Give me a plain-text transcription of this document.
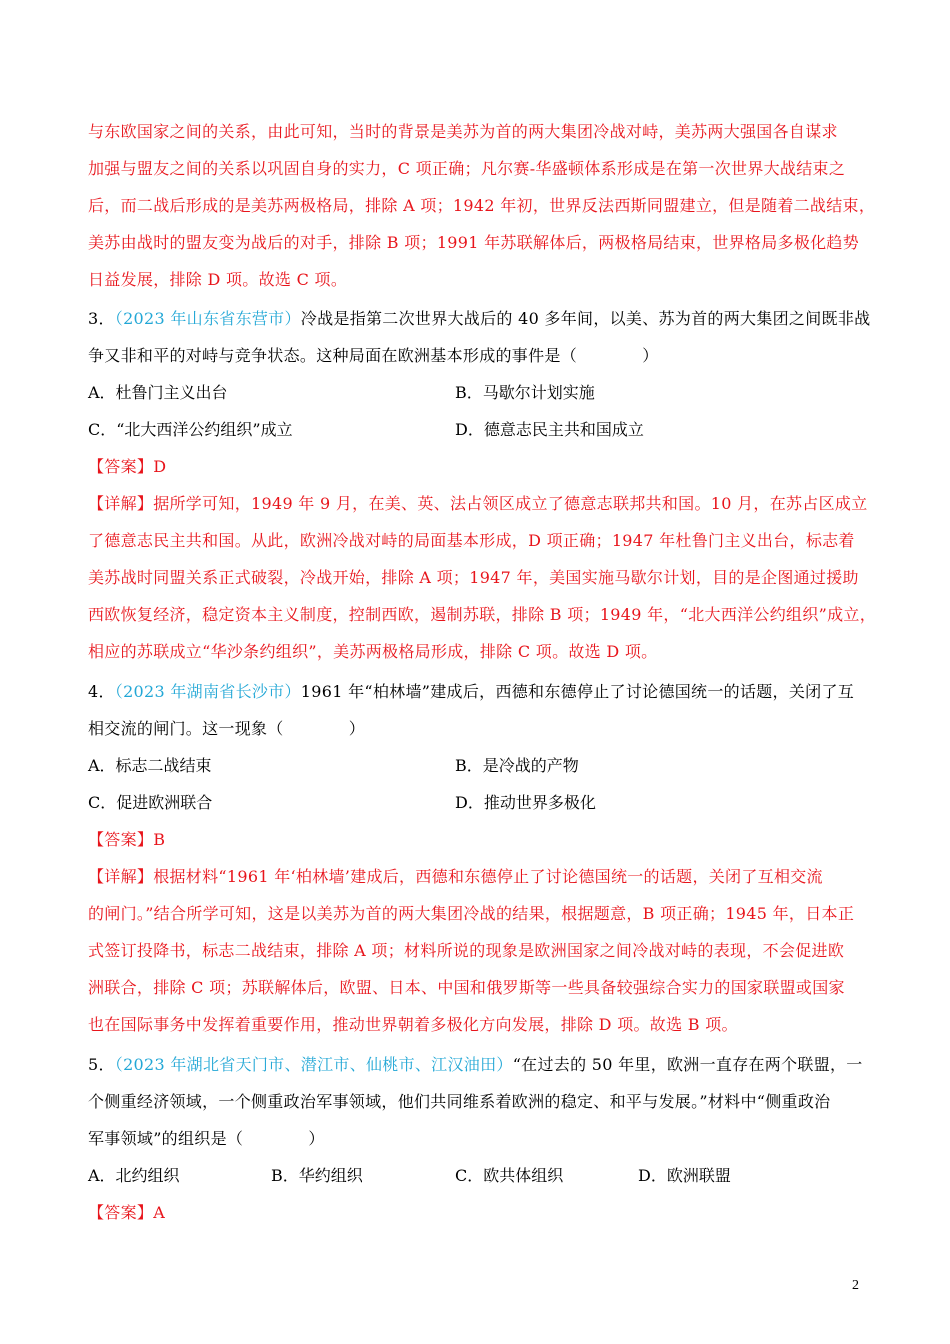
与东欧国家之间的关系，由此可知，当时的背景是美苏为首的两大集团冷战对峙，美苏两大强国各自谋求
加强与盟友之间的关系以巩固自身的实力，C 项正确；凡尔赛-华盛顿体系形成是在第一次世界大战结束之
后，而二战后形成的是美苏两极格局，排除 A 项；1942 年初，世界反法西斯同盟建立，但是随着二战结束，
美苏由战时的盟友变为战后的对手，排除 B 项；1991 年苏联解体后，两极格局结束，世界格局多极化趋势
日益发展，排除 D 项。故选 C 项。
3．（2023 年山东省东营市）冷战是指第二次世界大战后的 40 多年间，以美、苏为首的两大集团之间既非战
争又非和平的对峙与竞争状态。这种局面在欧洲基本形成的事件是（　　　　）
A．杜鲁门主义出台	B．马歇尔计划实施
C．“北大西洋公约组织”成立	D．德意志民主共和国成立
【答案】D
【详解】据所学可知，1949 年 9 月，在美、英、法占领区成立了德意志联邦共和国。10 月，在苏占区成立
了德意志民主共和国。从此，欧洲冷战对峙的局面基本形成，D 项正确；1947 年杜鲁门主义出台，标志着
美苏战时同盟关系正式破裂，冷战开始，排除 A 项；1947 年，美国实施马歇尔计划，目的是企图通过援助
西欧恢复经济，稳定资本主义制度，控制西欧，遏制苏联，排除 B 项；1949 年，“北大西洋公约组织”成立，
相应的苏联成立“华沙条约组织”，美苏两极格局形成，排除 C 项。故选 D 项。
4．（2023 年湖南省长沙市）1961 年“柏林墙”建成后，西德和东德停止了讨论德国统一的话题，关闭了互
相交流的闸门。这一现象（　　　　）
A．标志二战结束	B．是冷战的产物
C．促进欧洲联合	D．推动世界多极化
【答案】B
【详解】根据材料“1961 年‘柏林墙’建成后，西德和东德停止了讨论德国统一的话题，关闭了互相交流
的闸门。”结合所学可知，这是以美苏为首的两大集团冷战的结果，根据题意，B 项正确；1945 年，日本正
式签订投降书，标志二战结束，排除 A 项；材料所说的现象是欧洲国家之间冷战对峙的表现，不会促进欧
洲联合，排除 C 项；苏联解体后，欧盟、日本、中国和俄罗斯等一些具备较强综合实力的国家联盟或国家
也在国际事务中发挥着重要作用，推动世界朝着多极化方向发展，排除 D 项。故选 B 项。
5．（2023 年湖北省天门市、潜江市、仙桃市、江汉油田）“在过去的 50 年里，欧洲一直存在两个联盟，一
个侧重经济领域，一个侧重政治军事领域，他们共同维系着欧洲的稳定、和平与发展。”材料中“侧重政治
军事领域”的组织是（　　　　）
A．北约组织	B．华约组织	C．欧共体组织	D．欧洲联盟
【答案】A
2
